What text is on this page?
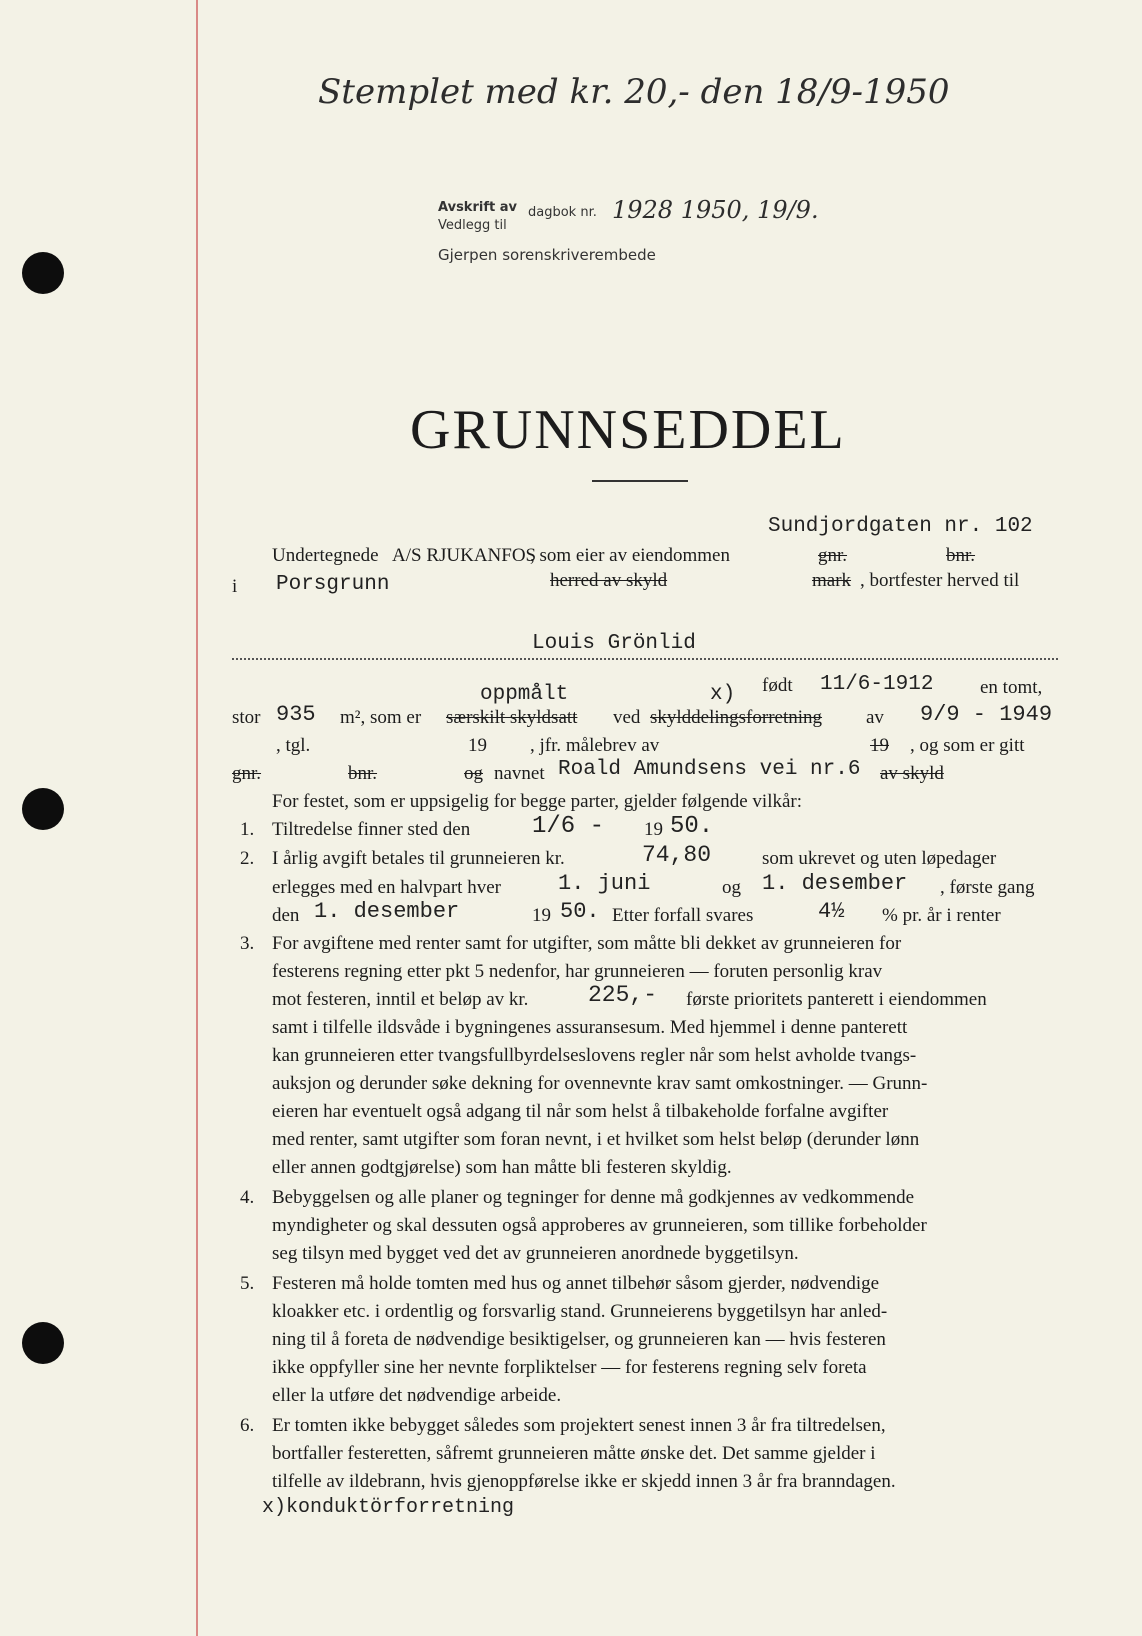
Stemplet med kr. 20,- den 18/9-1950
Avskrift av
Vedlegg til
dagbok nr. 1928 1950, 19/9.
Gjerpen sorenskriverembede
GRUNNSEDDEL
Sundjordgaten nr. 102
Undertegnede A/S RJUKANFOS
, som eier av eiendommen	gnr.	bnr.
i Porsgrunn	herred av skyld	mark , bortfester herved til
Louis Grönlid
oppmålt	x) født 11/6-1912 en tomt,
stor 935 m², som er særskilt skyldsatt ved skylddelingsforretning av 9/9 - 1949
, tgl.	19 , jfr. målebrev av	19 , og som er gitt
gnr.	bnr.	og navnet Roald Amundsens vei nr.6 av skyld
For festet, som er uppsigelig for begge parter, gjelder følgende vilkår:
1. Tiltredelse finner sted den	1/6 - 19 50.
2. I årlig avgift betales til grunneieren kr.	74,80	som ukrevet og uten løpedager
erlegges med en halvpart hver	1. juni	og 1. desember , første gang
den 1. desember	19 50. Etter forfall svares	4½ % pr. år i renter
3. For avgiftene med renter samt for utgifter, som måtte bli dekket av grunneieren for
festerens regning etter pkt 5 nedenfor, har grunneieren — foruten personlig krav
mot festeren, inntil et beløp av kr.	225,- første prioritets panterett i eiendommen
samt i tilfelle ildsvåde i bygningenes assuransesum. Med hjemmel i denne panterett
kan grunneieren etter tvangsfullbyrdelseslovens regler når som helst avholde tvangs-
auksjon og derunder søke dekning for ovennevnte krav samt omkostninger. — Grunn-
eieren har eventuelt også adgang til når som helst å tilbakeholde forfalne avgifter
med renter, samt utgifter som foran nevnt, i et hvilket som helst beløp (derunder lønn
eller annen godtgjørelse) som han måtte bli festeren skyldig.
4. Bebyggelsen og alle planer og tegninger for denne må godkjennes av vedkommende
myndigheter og skal dessuten også approberes av grunneieren, som tillike forbeholder
seg tilsyn med bygget ved det av grunneieren anordnede byggetilsyn.
5. Festeren må holde tomten med hus og annet tilbehør såsom gjerder, nødvendige
kloakker etc. i ordentlig og forsvarlig stand. Grunneierens byggetilsyn har anled-
ning til å foreta de nødvendige besiktigelser, og grunneieren kan — hvis festeren
ikke oppfyller sine her nevnte forpliktelser — for festerens regning selv foreta
eller la utføre det nødvendige arbeide.
6. Er tomten ikke bebygget således som projektert senest innen 3 år fra tiltredelsen,
bortfaller festeretten, såfremt grunneieren måtte ønske det. Det samme gjelder i
tilfelle av ildebrann, hvis gjenoppførelse ikke er skjedd innen 3 år fra branndagen.
x)konduktörforretning
